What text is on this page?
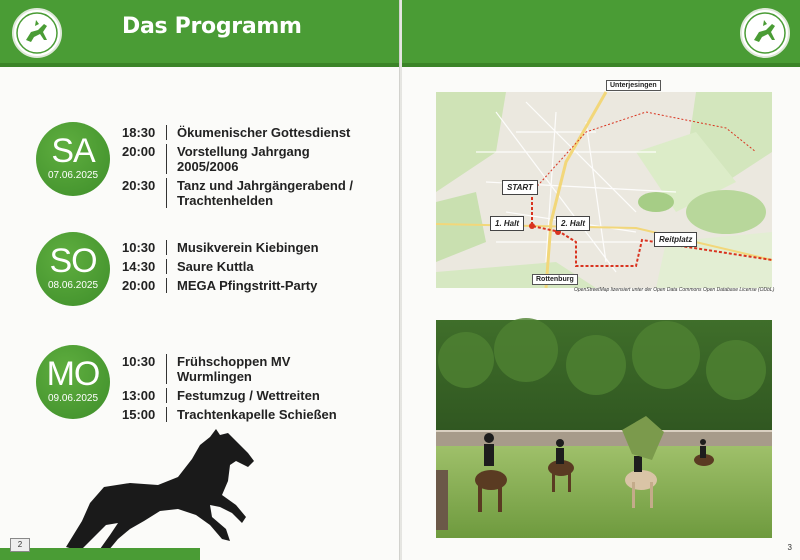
Das Programm
SA
07.06.2025
18:30 Ökumenischer Gottesdienst
20:00 Vorstellung Jahrgang 2005/2006
20:30 Tanz und Jahrgängerabend / Trachtenhelden
SO
08.06.2025
10:30 Musikverein Kiebingen
14:30 Saure Kuttla
20:00 MEGA Pfingstritt-Party
MO
09.06.2025
10:30 Frühschoppen MV Wurmlingen
13:00 Festumzug / Wettreiten
15:00 Trachtenkapelle Schießen
2
Unterjesingen
Rottenburg
START
1. Halt	2. Halt
Reitplatz
OpenStreetMap lizensiert unter der Open Data Commons Open Database License (ODbL)
3
